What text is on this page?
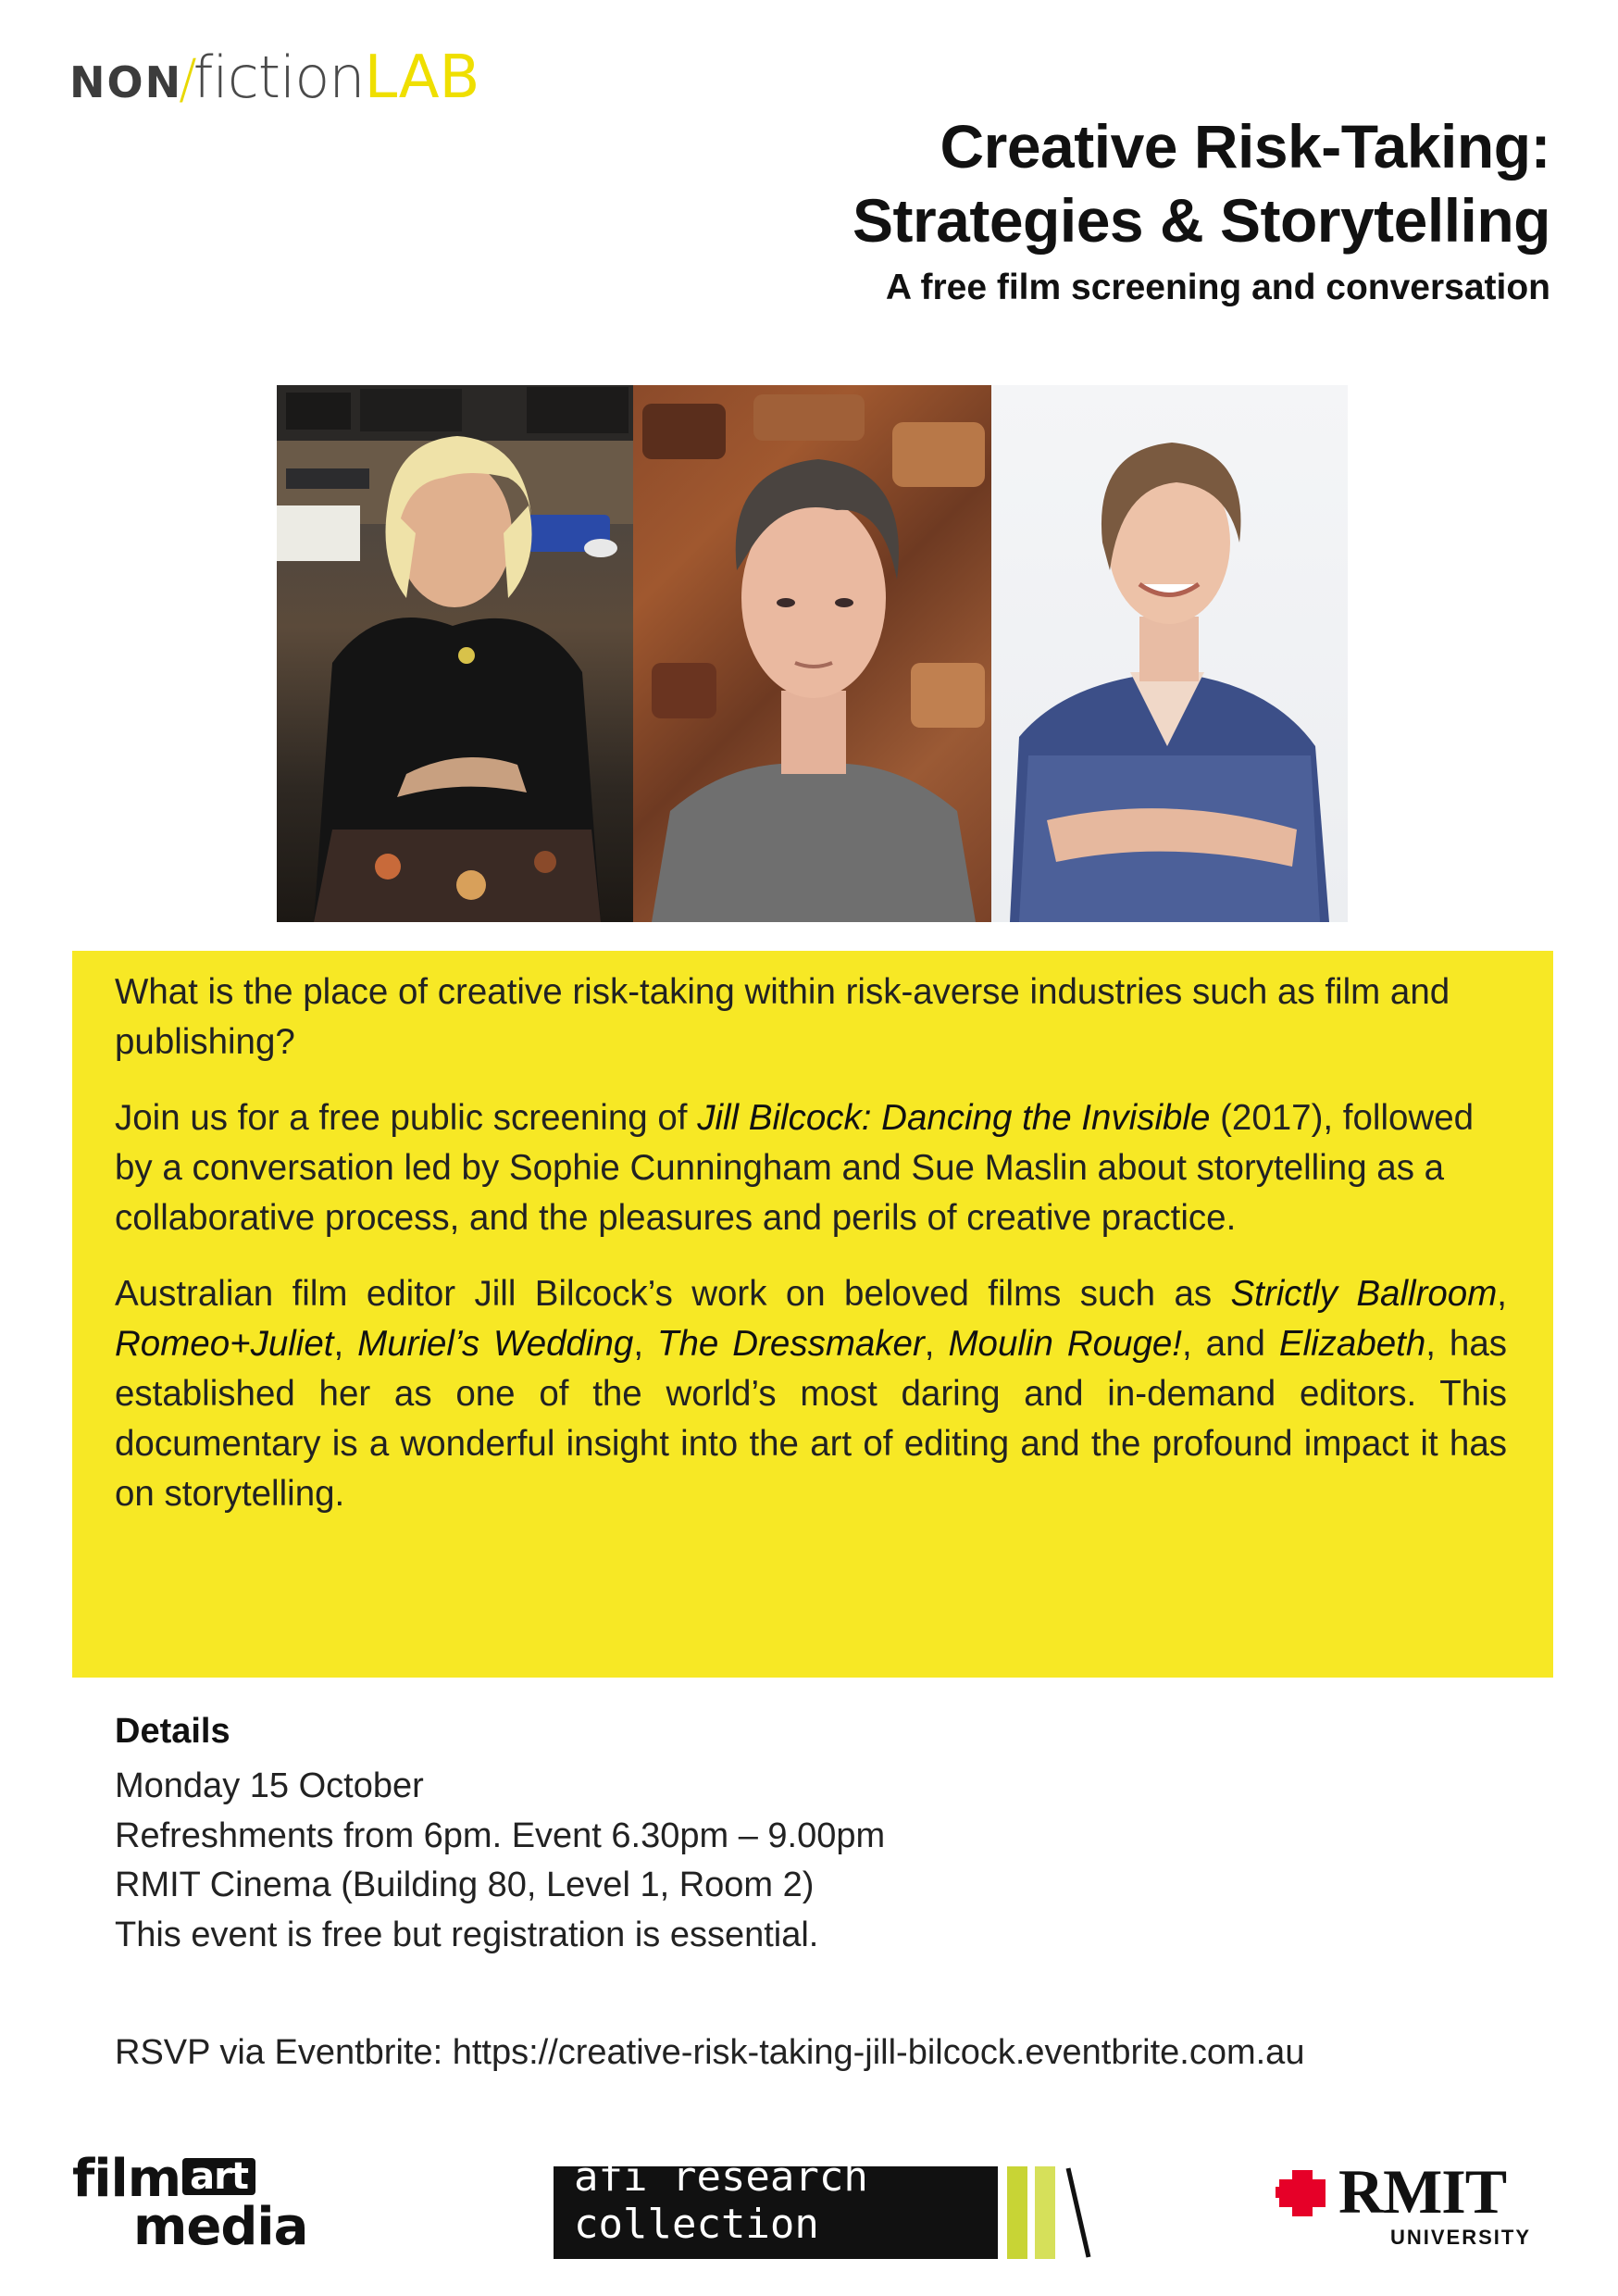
NON/fictionLAB
Creative Risk-Taking:
Strategies & Storytelling
A free film screening and conversation

What is the place of creative risk-taking within risk-averse industries such as film and publishing?

Join us for a free public screening of Jill Bilcock: Dancing the Invisible (2017), followed by a conversation led by Sophie Cunningham and Sue Maslin about storytelling as a collaborative process, and the pleasures and perils of creative practice.

Australian film editor Jill Bilcock’s work on beloved films such as Strictly Ballroom, Romeo+Juliet, Muriel’s Wedding, The Dressmaker, Moulin Rouge!, and Elizabeth, has established her as one of the world’s most daring and in-demand editors. This documentary is a wonderful insight into the art of editing and the profound impact it has on storytelling.

Details
Monday 15 October
Refreshments from 6pm. Event 6.30pm – 9.00pm
RMIT Cinema (Building 80, Level 1, Room 2)
This event is free but registration is essential.
RSVP via Eventbrite: https://creative-risk-taking-jill-bilcock.eventbrite.com.au
film art
media
afi research collection	RMIT
UNIVERSITY
